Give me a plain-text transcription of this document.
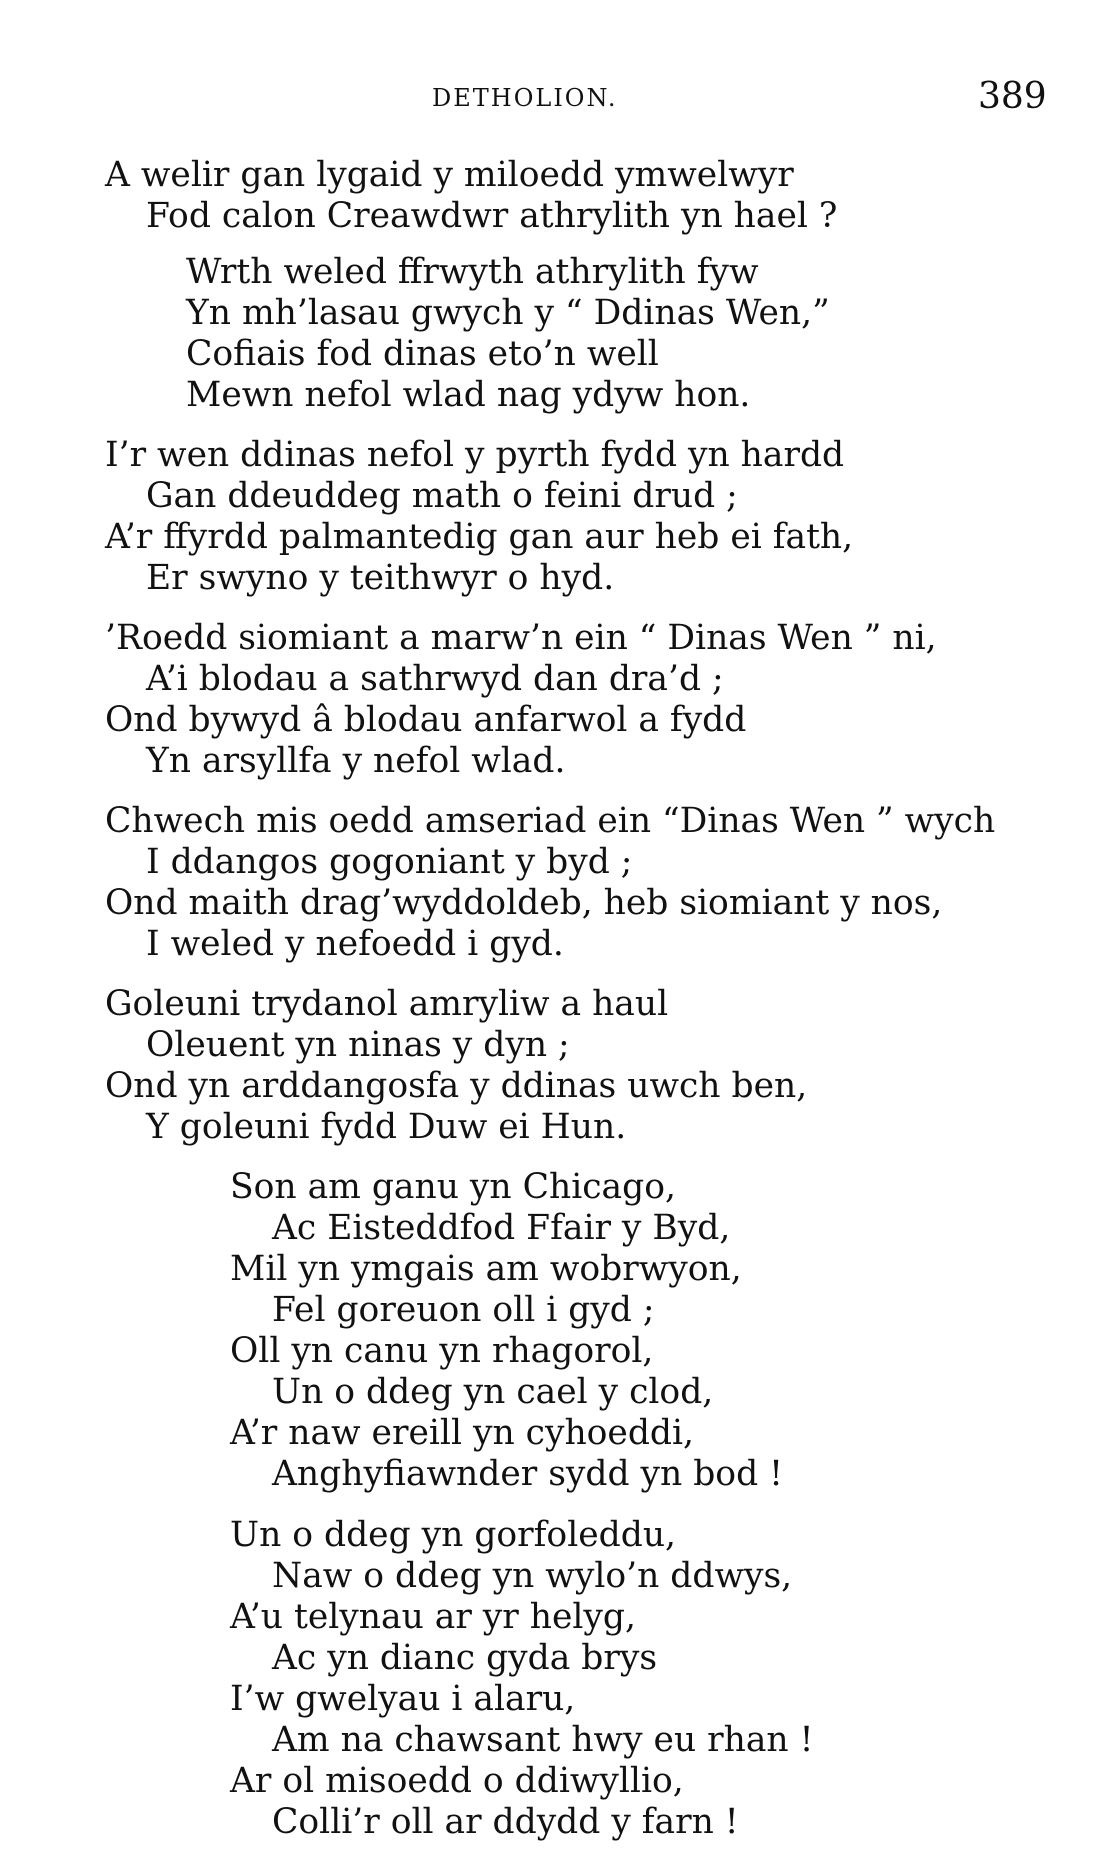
DETHOLION.	389
A welir gan lygaid y miloedd ymwelwyr
Fod calon Creawdwr athrylith yn hael ?
Wrth weled ffrwyth athrylith fyw
Yn mh’lasau gwych y “ Ddinas Wen,”
Cofiais fod dinas eto’n well
Mewn nefol wlad nag ydyw hon.
I’r wen ddinas nefol y pyrth fydd yn hardd
Gan ddeuddeg math o feini drud ;
A’r ffyrdd palmantedig gan aur heb ei fath,
Er swyno y teithwyr o hyd.
’Roedd siomiant a marw’n ein “ Dinas Wen ” ni,
A’i blodau a sathrwyd dan dra’d ;
Ond bywyd â blodau anfarwol a fydd
Yn arsyllfa y nefol wlad.
Chwech mis oedd amseriad ein “Dinas Wen ” wych
I ddangos gogoniant y byd ;
Ond maith drag’wyddoldeb, heb siomiant y nos,
I weled y nefoedd i gyd.
Goleuni trydanol amryliw a haul
Oleuent yn ninas y dyn ;
Ond yn arddangosfa y ddinas uwch ben,
Y goleuni fydd Duw ei Hun.
Son am ganu yn Chicago,
Ac Eisteddfod Ffair y Byd,
Mil yn ymgais am wobrwyon,
Fel goreuon oll i gyd ;
Oll yn canu yn rhagorol,
Un o ddeg yn cael y clod,
A’r naw ereill yn cyhoeddi,
Anghyfiawnder sydd yn bod !
Un o ddeg yn gorfoleddu,
Naw o ddeg yn wylo’n ddwys,
A’u telynau ar yr helyg,
Ac yn dianc gyda brys
I’w gwelyau i alaru,
Am na chawsant hwy eu rhan !
Ar ol misoedd o ddiwyllio,
Colli’r oll ar ddydd y farn !
